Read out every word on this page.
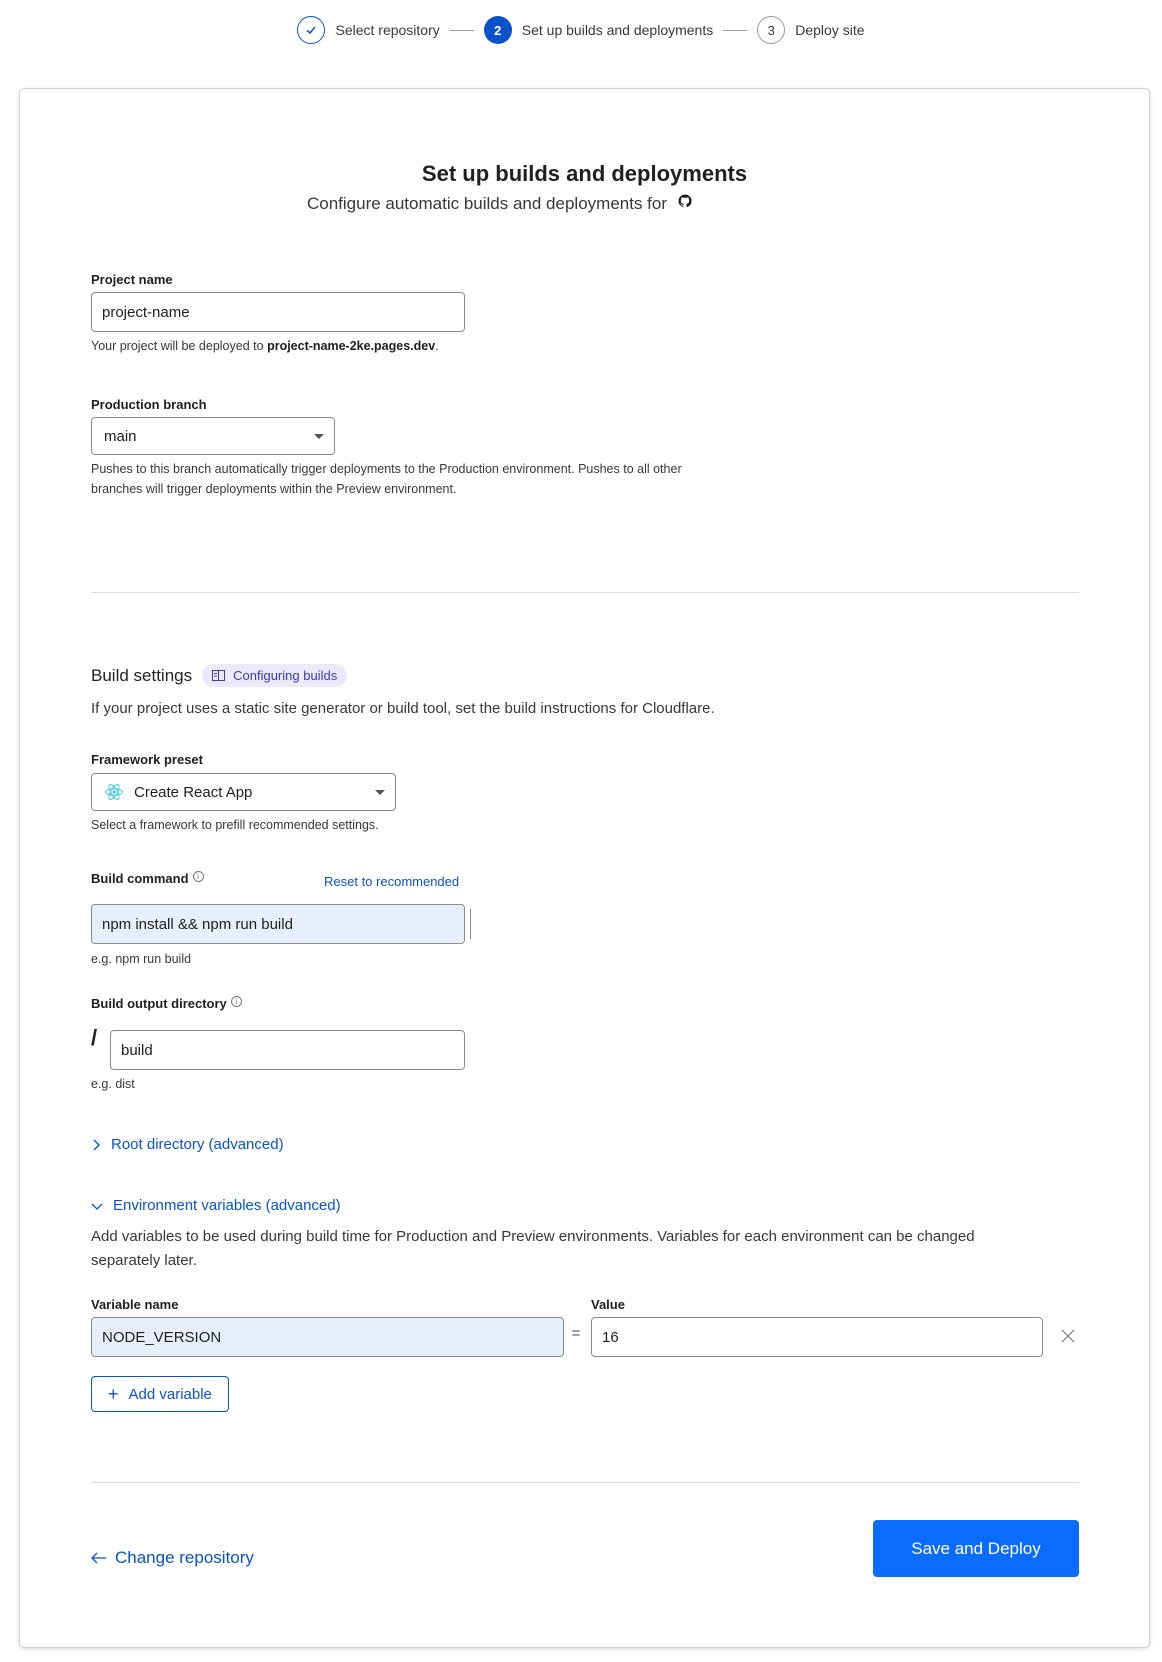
Select repository	2	Set up builds and deployments	3	Deploy site
Set up builds and deployments
Configure automatic builds and deployments for
Project name
project-name
Your project will be deployed to project-name-2ke.pages.dev.
Production branch
main
Pushes to this branch automatically trigger deployments to the Production environment. Pushes to all other
branches will trigger deployments within the Preview environment.
Build settings	Configuring builds
If your project uses a static site generator or build tool, set the build instructions for Cloudflare.
Framework preset
Create React App
Select a framework to prefill recommended settings.
Build command i	Reset to recommended
npm install && npm run build
e.g. npm run build
Build output directory i
/ build
e.g. dist
Root directory (advanced)
Environment variables (advanced)
Add variables to be used during build time for Production and Preview environments. Variables for each environment can be changed
separately later.
Variable name	Value
NODE_VERSION	=	16
+ Add variable
Change repository	Save and Deploy
